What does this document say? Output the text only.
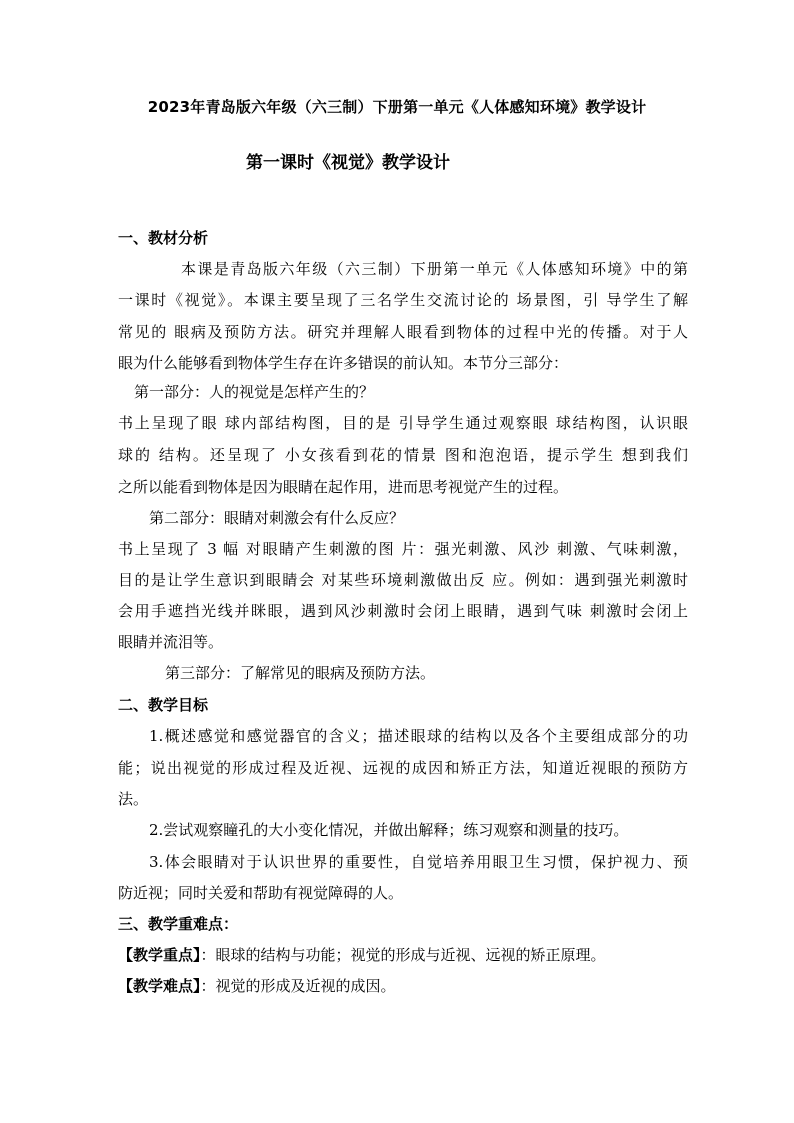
2023年青岛版六年级（六三制）下册第一单元《人体感知环境》教学设计
第一课时《视觉》教学设计
一、教材分析
本课是青岛版六年级（六三制）下册第一单元《人体感知环境》中的第
一课时《视觉》。本课主要呈现了三名学生交流讨论的 场景图，引 导学生了解
常见的 眼病及预防方法。研究并理解人眼看到物体的过程中光的传播。对于人
眼为什么能够看到物体学生存在许多错误的前认知。本节分三部分：
第一部分：人的视觉是怎样产生的？
书上呈现了眼 球内部结构图，目的是 引导学生通过观察眼 球结构图，认识眼
球的 结构。还呈现了 小女孩看到花的情景 图和泡泡语，提示学生 想到我们
之所以能看到物体是因为眼睛在起作用，进而思考视觉产生的过程。
第二部分：眼睛对刺激会有什么反应？
书上呈现了 3 幅 对眼睛产生刺激的图 片：强光刺激、风沙 刺激、气味刺激，
目的是让学生意识到眼睛会 对某些环境刺激做出反 应。例如：遇到强光刺激时
会用手遮挡光线并眯眼，遇到风沙刺激时会闭上眼睛，遇到气味 刺激时会闭上
眼睛并流泪等。
第三部分：了解常见的眼病及预防方法。
二、教学目标
1.概述感觉和感觉器官的含义；描述眼球的结构以及各个主要组成部分的功
能；说出视觉的形成过程及近视、远视的成因和矫正方法，知道近视眼的预防方
法。
2.尝试观察瞳孔的大小变化情况，并做出解释；练习观察和测量的技巧。
3.体会眼睛对于认识世界的重要性，自觉培养用眼卫生习惯，保护视力、预
防近视；同时关爱和帮助有视觉障碍的人。
三、教学重难点：
【教学重点】：眼球的结构与功能；视觉的形成与近视、远视的矫正原理。
【教学难点】：视觉的形成及近视的成因。
